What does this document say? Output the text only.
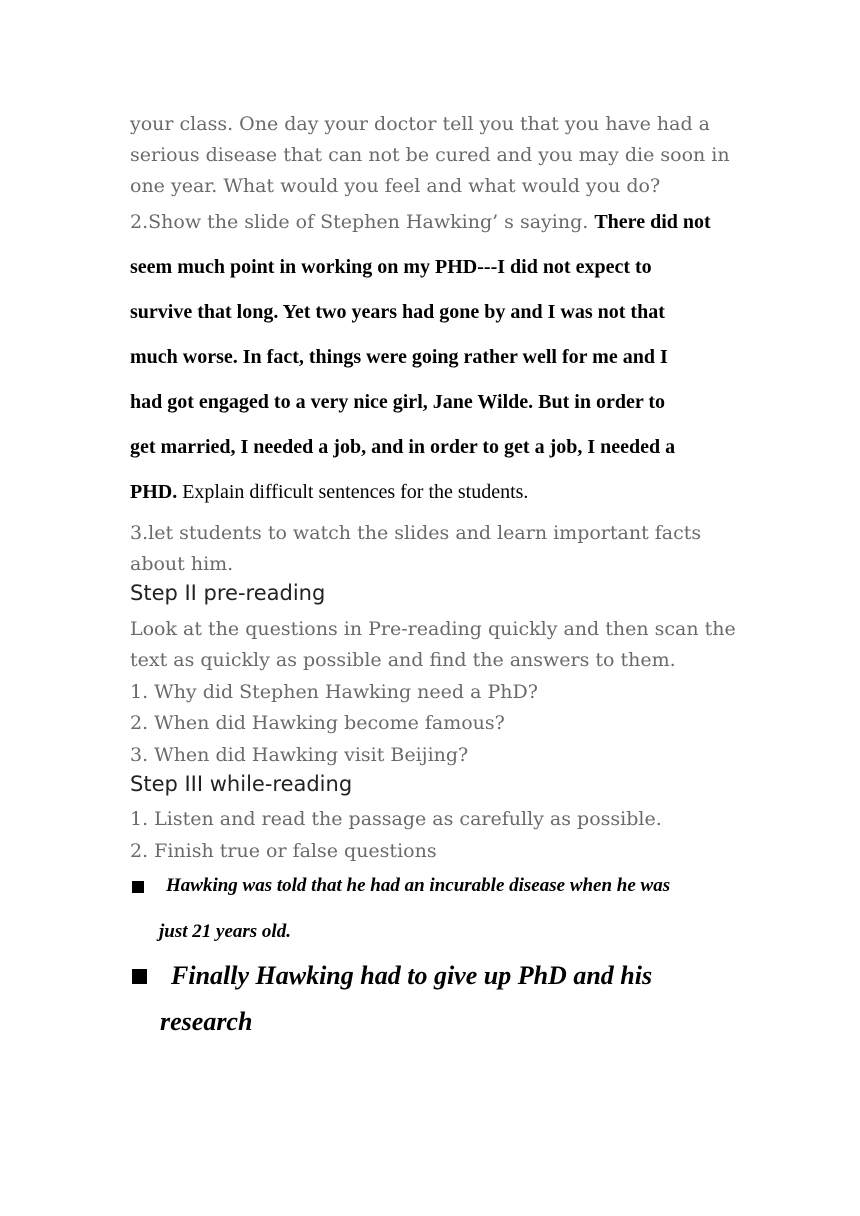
your class. One day your doctor tell you that you have had a

serious disease that can not be cured and you may die soon in

one year. What would you feel and what would you do?

2.Show the slide of Stephen Hawking’ s saying. There did not

seem much point in working on my PHD---I did not expect to

survive that long. Yet two years had gone by and I was not that

much worse. In fact, things were going rather well for me and I

had got engaged to a very nice girl, Jane Wilde. But in order to

get married, I needed a job, and in order to get a job, I needed a

PHD. Explain difficult sentences for the students.

3.let students to watch the slides and learn important facts

about him.

Step II pre-reading

Look at the questions in Pre-reading quickly and then scan the

text as quickly as possible and find the answers to them.

1. Why did Stephen Hawking need a PhD?

2. When did Hawking become famous?

3. When did Hawking visit Beijing?

Step III while-reading

1. Listen and read the passage as carefully as possible.

2. Finish true or false questions

Hawking was told that he had an incurable disease when he was

just 21 years old.

Finally Hawking had to give up PhD and his

research
